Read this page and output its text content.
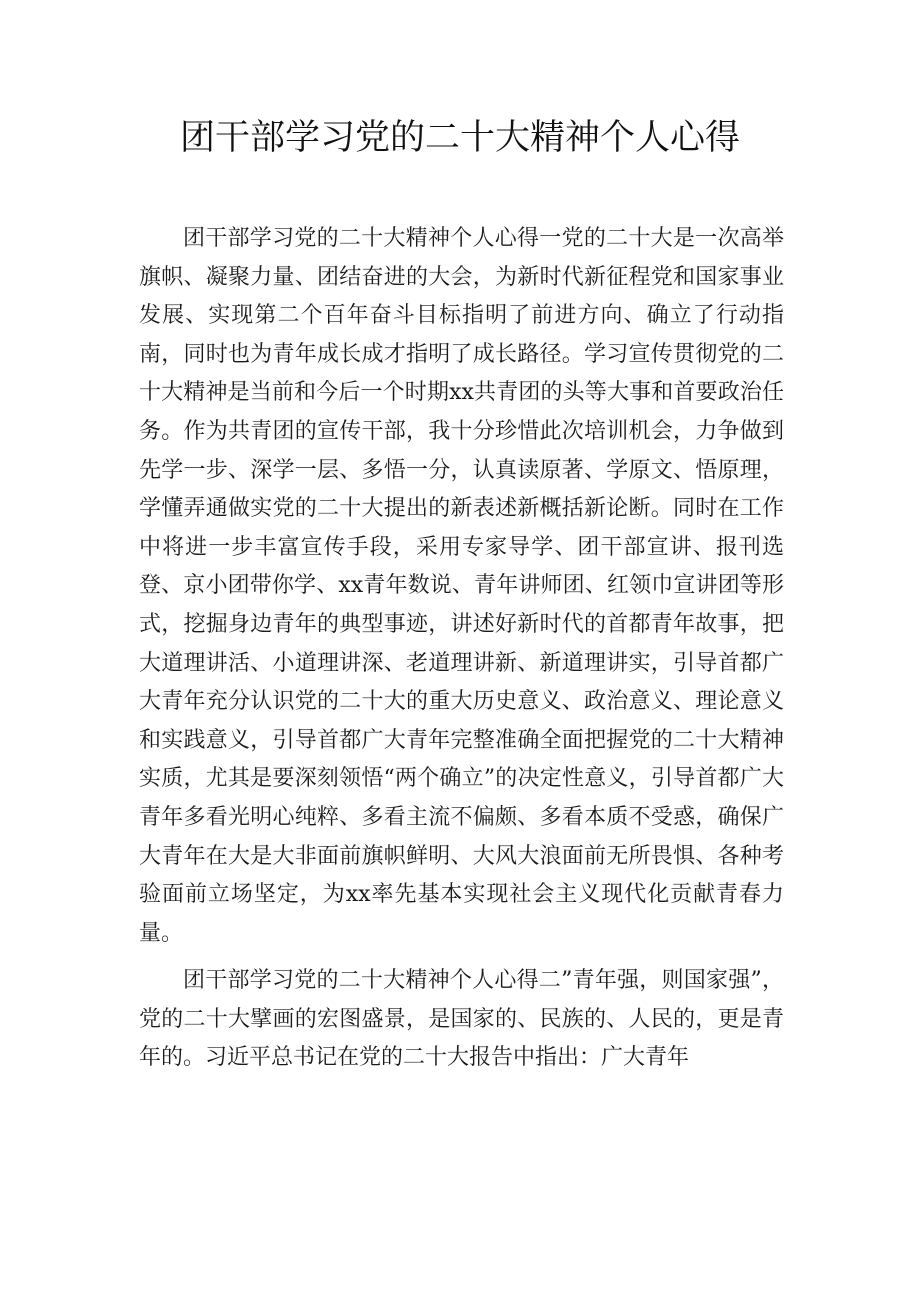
团干部学习党的二十大精神个人心得

团干部学习党的二十大精神个人心得一党的二十大是一次高举旗帜、凝聚力量、团结奋进的大会，为新时代新征程党和国家事业发展、实现第二个百年奋斗目标指明了前进方向、确立了行动指南，同时也为青年成长成才指明了成长路径。学习宣传贯彻党的二十大精神是当前和今后一个时期xx共青团的头等大事和首要政治任务。作为共青团的宣传干部，我十分珍惜此次培训机会，力争做到先学一步、深学一层、多悟一分，认真读原著、学原文、悟原理，学懂弄通做实党的二十大提出的新表述新概括新论断。同时在工作中将进一步丰富宣传手段，采用专家导学、团干部宣讲、报刊选登、京小团带你学、xx青年数说、青年讲师团、红领巾宣讲团等形式，挖掘身边青年的典型事迹，讲述好新时代的首都青年故事，把大道理讲活、小道理讲深、老道理讲新、新道理讲实，引导首都广大青年充分认识党的二十大的重大历史意义、政治意义、理论意义和实践意义，引导首都广大青年完整准确全面把握党的二十大精神实质，尤其是要深刻领悟“两个确立”的决定性意义，引导首都广大青年多看光明心纯粹、多看主流不偏颇、多看本质不受惑，确保广大青年在大是大非面前旗帜鲜明、大风大浪面前无所畏惧、各种考验面前立场坚定，为xx率先基本实现社会主义现代化贡献青春力量。

团干部学习党的二十大精神个人心得二”青年强，则国家强”，党的二十大擘画的宏图盛景，是国家的、民族的、人民的，更是青年的。习近平总书记在党的二十大报告中指出：广大青年
